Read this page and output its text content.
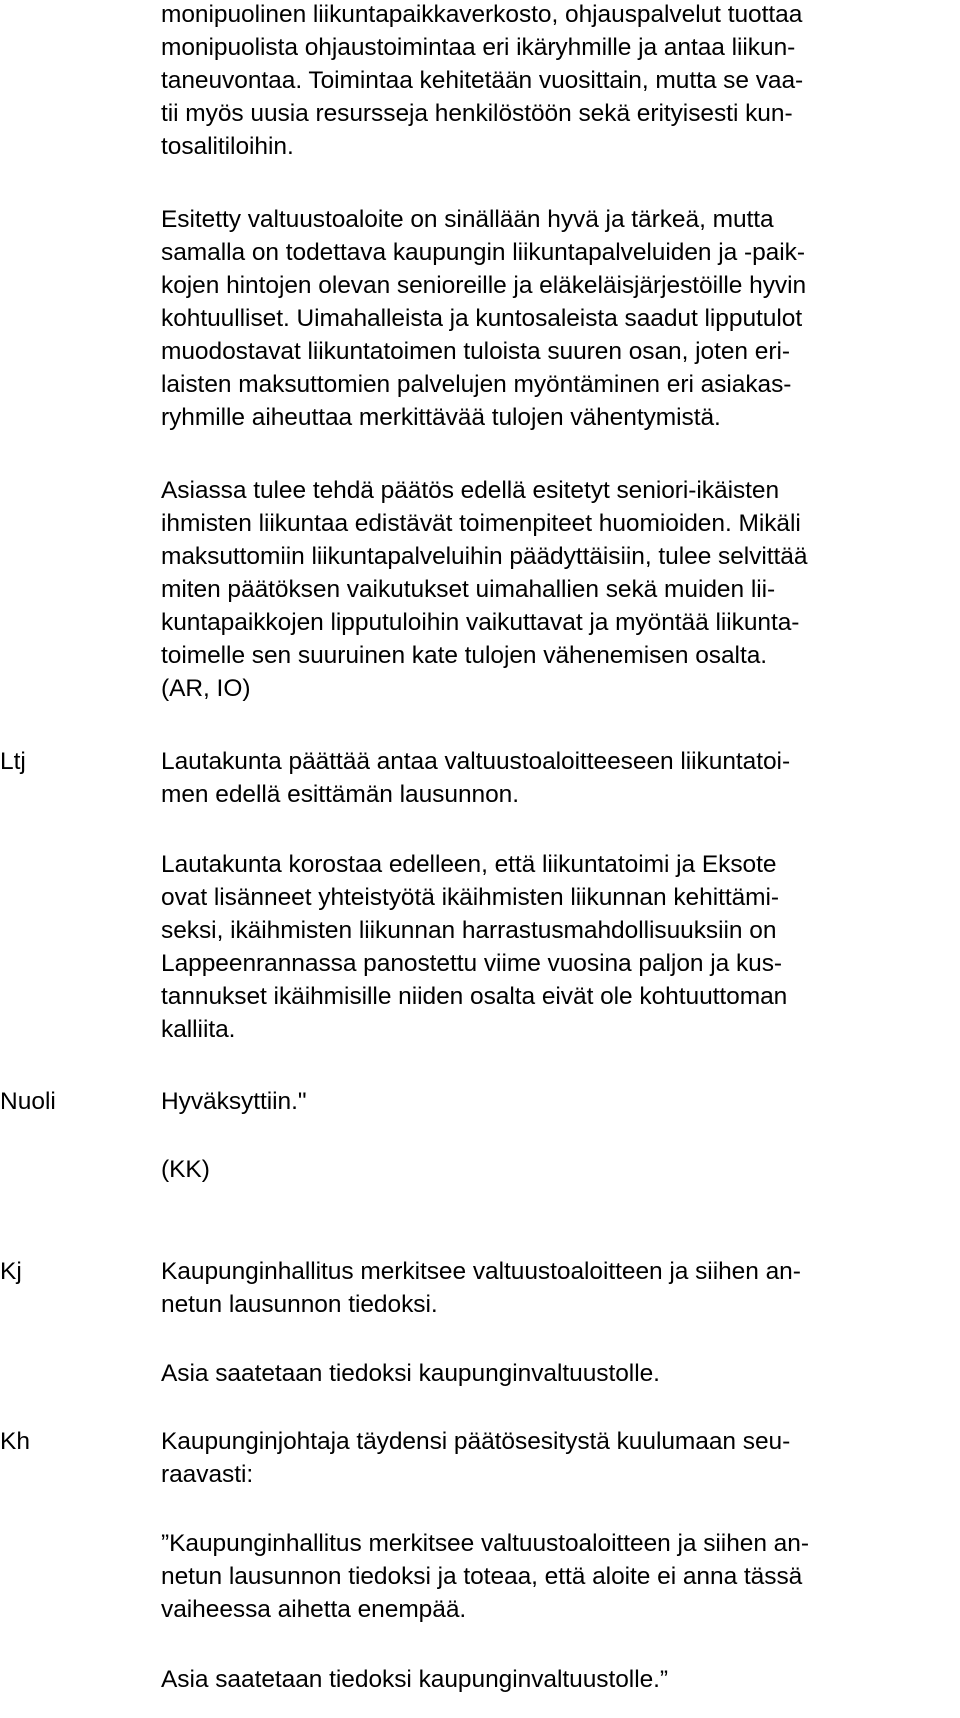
monipuolinen liikuntapaikkaverkosto, ohjauspalvelut tuottaa
monipuolista ohjaustoimintaa eri ikäryhmille ja antaa liikun-
taneuvontaa. Toimintaa kehitetään vuosittain, mutta se vaa-
tii myös uusia resursseja henkilöstöön sekä erityisesti kun-
tosalitiloihin.
Esitetty valtuustoaloite on sinällään hyvä ja tärkeä, mutta
samalla on todettava kaupungin liikuntapalveluiden ja -paik-
kojen hintojen olevan senioreille ja eläkeläisjärjestöille hyvin
kohtuulliset. Uimahalleista ja kuntosaleista saadut lipputulot
muodostavat liikuntatoimen tuloista suuren osan, joten eri-
laisten maksuttomien palvelujen myöntäminen eri asiakas-
ryhmille aiheuttaa merkittävää tulojen vähentymistä.
Asiassa tulee tehdä päätös edellä esitetyt seniori-ikäisten
ihmisten liikuntaa edistävät toimenpiteet huomioiden. Mikäli
maksuttomiin liikuntapalveluihin päädyttäisiin, tulee selvittää
miten päätöksen vaikutukset uimahallien sekä muiden lii-
kuntapaikkojen lipputuloihin vaikuttavat ja myöntää liikunta-
toimelle sen suuruinen kate tulojen vähenemisen osalta.
(AR, IO)
Ltj	Lautakunta päättää antaa valtuustoaloitteeseen liikuntatoi-
men edellä esittämän lausunnon.
Lautakunta korostaa edelleen, että liikuntatoimi ja Eksote
ovat lisänneet yhteistyötä ikäihmisten liikunnan kehittämi-
seksi, ikäihmisten liikunnan harrastusmahdollisuuksiin on
Lappeenrannassa panostettu viime vuosina paljon ja kus-
tannukset ikäihmisille niiden osalta eivät ole kohtuuttoman
kalliita.
Nuoli	Hyväksyttiin."
(KK)
Kj	Kaupunginhallitus merkitsee valtuustoaloitteen ja siihen an-
netun lausunnon tiedoksi.
Asia saatetaan tiedoksi kaupunginvaltuustolle.
Kh	Kaupunginjohtaja täydensi päätösesitystä kuulumaan seu-
raavasti:
”Kaupunginhallitus merkitsee valtuustoaloitteen ja siihen an-
netun lausunnon tiedoksi ja toteaa, että aloite ei anna tässä
vaiheessa aihetta enempää.
Asia saatetaan tiedoksi kaupunginvaltuustolle.”
